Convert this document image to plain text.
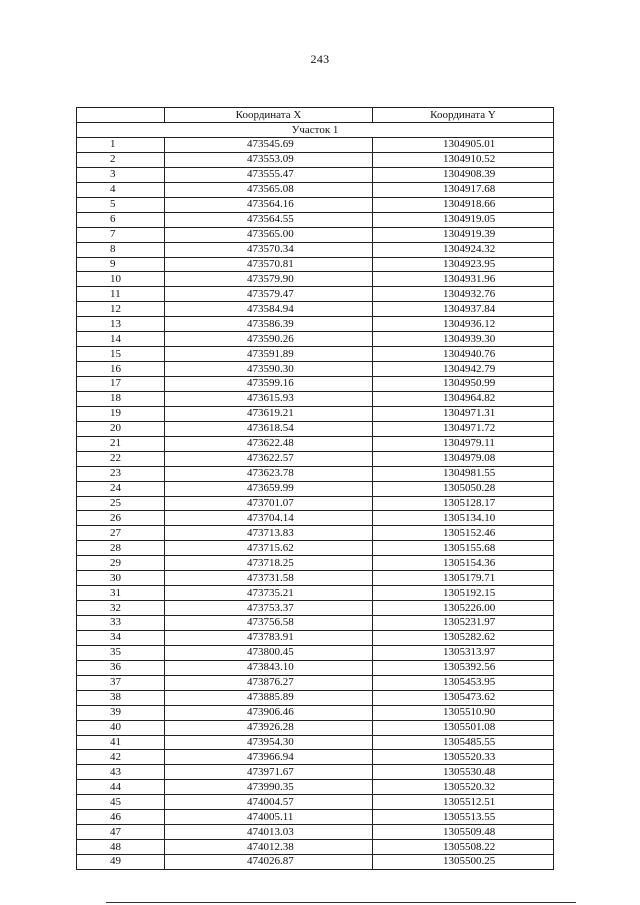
243
	Координата X	Координата Y
Участок 1		
1	473545.69	1304905.01
2	473553.09	1304910.52
3	473555.47	1304908.39
4	473565.08	1304917.68
5	473564.16	1304918.66
6	473564.55	1304919.05
7	473565.00	1304919.39
8	473570.34	1304924.32
9	473570.81	1304923.95
10	473579.90	1304931.96
11	473579.47	1304932.76
12	473584.94	1304937.84
13	473586.39	1304936.12
14	473590.26	1304939.30
15	473591.89	1304940.76
16	473590.30	1304942.79
17	473599.16	1304950.99
18	473615.93	1304964.82
19	473619.21	1304971.31
20	473618.54	1304971.72
21	473622.48	1304979.11
22	473622.57	1304979.08
23	473623.78	1304981.55
24	473659.99	1305050.28
25	473701.07	1305128.17
26	473704.14	1305134.10
27	473713.83	1305152.46
28	473715.62	1305155.68
29	473718.25	1305154.36
30	473731.58	1305179.71
31	473735.21	1305192.15
32	473753.37	1305226.00
33	473756.58	1305231.97
34	473783.91	1305282.62
35	473800.45	1305313.97
36	473843.10	1305392.56
37	473876.27	1305453.95
38	473885.89	1305473.62
39	473906.46	1305510.90
40	473926.28	1305501.08
41	473954.30	1305485.55
42	473966.94	1305520.33
43	473971.67	1305530.48
44	473990.35	1305520.32
45	474004.57	1305512.51
46	474005.11	1305513.55
47	474013.03	1305509.48
48	474012.38	1305508.22
49	474026.87	1305500.25
